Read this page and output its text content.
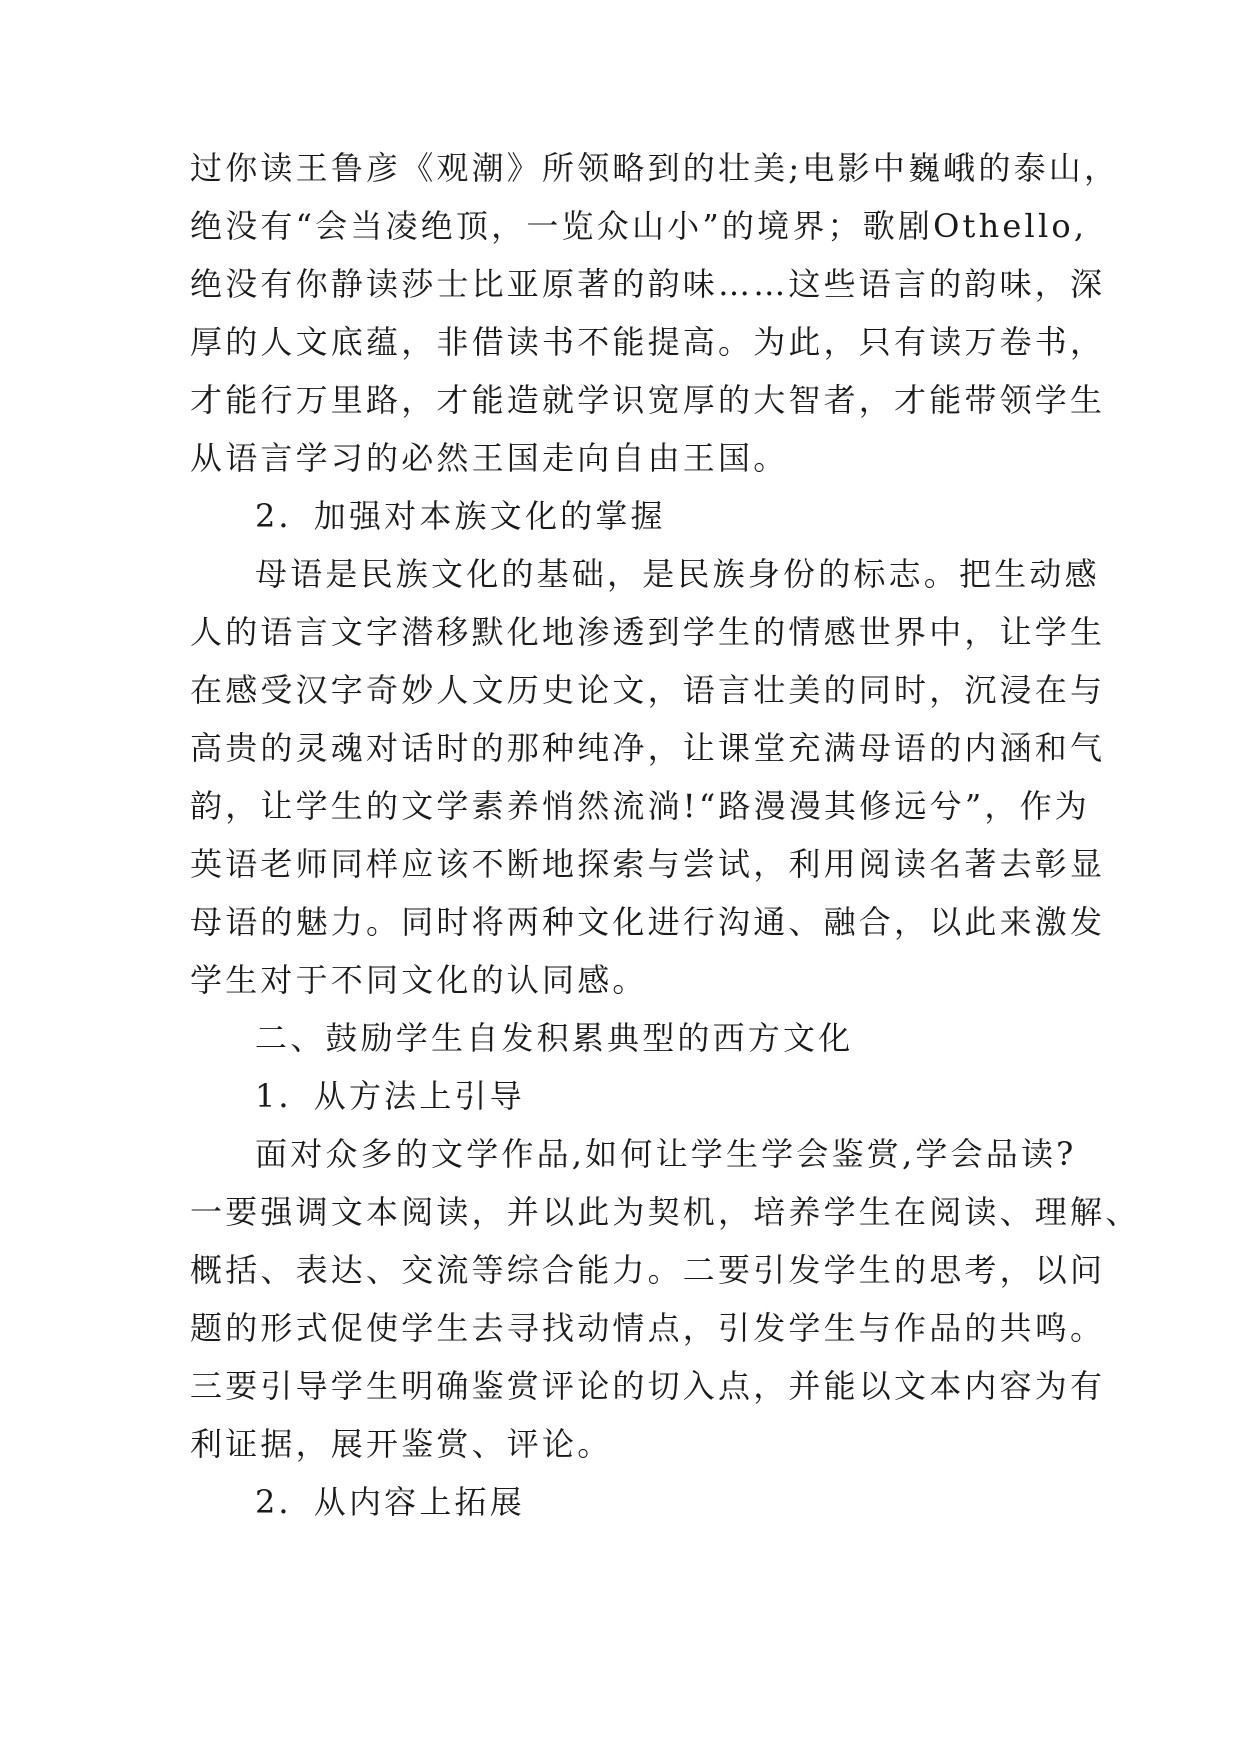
过你读王鲁彦《观潮》所领略到的壮美;电影中巍峨的泰山，
绝没有“会当凌绝顶，一览众山小”的境界；歌剧Othello,
绝没有你静读莎士比亚原著的韵味……这些语言的韵味，深
厚的人文底蕴，非借读书不能提高。为此，只有读万卷书，
才能行万里路，才能造就学识宽厚的大智者，才能带领学生
从语言学习的必然王国走向自由王国。
2．加强对本族文化的掌握
母语是民族文化的基础，是民族身份的标志。把生动感
人的语言文字潜移默化地渗透到学生的情感世界中，让学生
在感受汉字奇妙人文历史论文，语言壮美的同时，沉浸在与
高贵的灵魂对话时的那种纯净，让课堂充满母语的内涵和气
韵，让学生的文学素养悄然流淌!“路漫漫其修远兮”，作为
英语老师同样应该不断地探索与尝试，利用阅读名著去彰显
母语的魅力。同时将两种文化进行沟通、融合，以此来激发
学生对于不同文化的认同感。
二、鼓励学生自发积累典型的西方文化
1．从方法上引导
面对众多的文学作品,如何让学生学会鉴赏,学会品读?
一要强调文本阅读，并以此为契机，培养学生在阅读、理解、
概括、表达、交流等综合能力。二要引发学生的思考，以问
题的形式促使学生去寻找动情点，引发学生与作品的共鸣。
三要引导学生明确鉴赏评论的切入点，并能以文本内容为有
利证据，展开鉴赏、评论。
2．从内容上拓展
